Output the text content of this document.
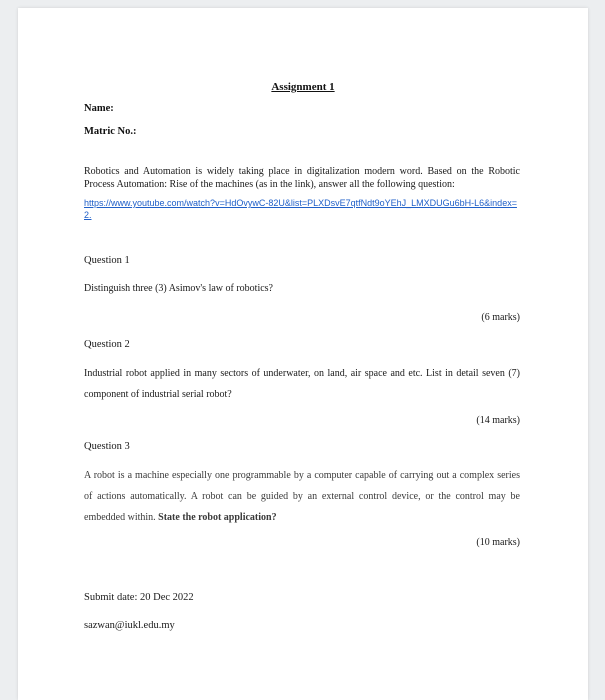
Assignment 1
Name:
Matric No.:
Robotics and Automation is widely taking place in digitalization modern word. Based on the Robotic Process Automation: Rise of the machines (as in the link), answer all the following question:
https://www.youtube.com/watch?v=HdOvywC-82U&list=PLXDsvE7qtfNdt9oYEhJ_LMXDUGu6bH-L6&index=2.
Question 1
Distinguish three (3) Asimov's law of robotics?
(6 marks)
Question 2
Industrial robot applied in many sectors of underwater, on land, air space and etc. List in detail seven (7) component of industrial serial robot?
(14 marks)
Question 3
A robot is a machine especially one programmable by a computer capable of carrying out a complex series of actions automatically. A robot can be guided by an external control device, or the control may be embedded within. State the robot application?
(10 marks)
Submit date: 20 Dec 2022
sazwan@iukl.edu.my
